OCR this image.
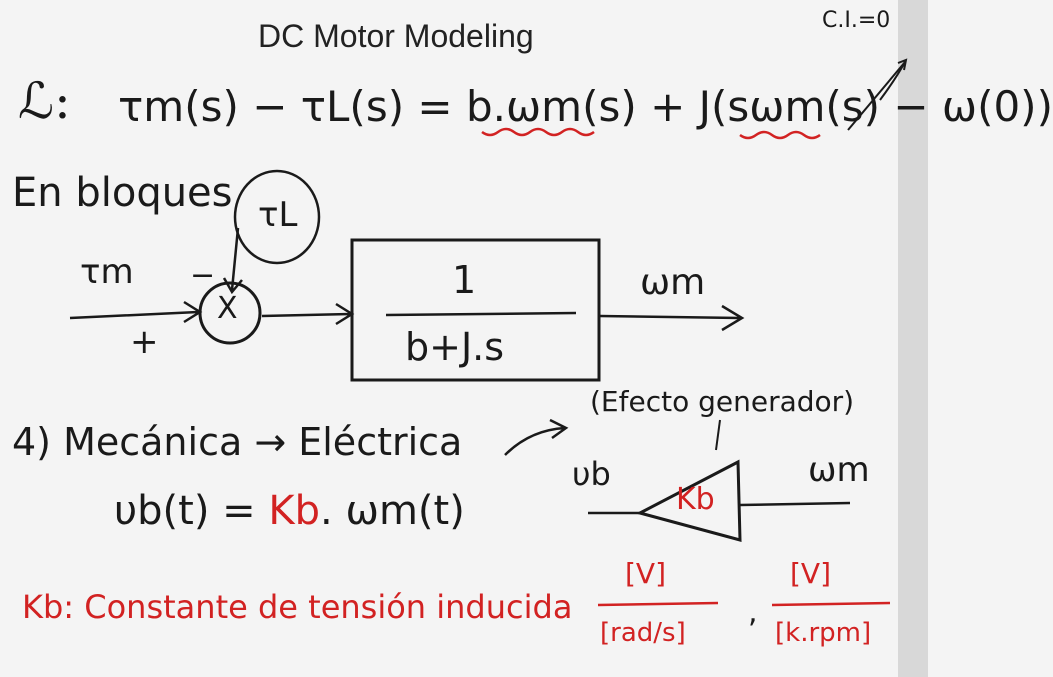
DC Motor Modeling	C.I.=0
ℒ: τm(s) − τL(s) = b.ωm(s) + J(sωm(s) − ω(0))
En bloques τL
−
+
τm
X
1
b+J.s
ωm
4) Mecánica → Eléctrica
(Efecto generador)
υb(t) = Kb. ωm(t)
υb	ωm
Kb
Kb: Constante de tensión inducida
[V]
[rad/s]
,
[V]
[k.rpm]
